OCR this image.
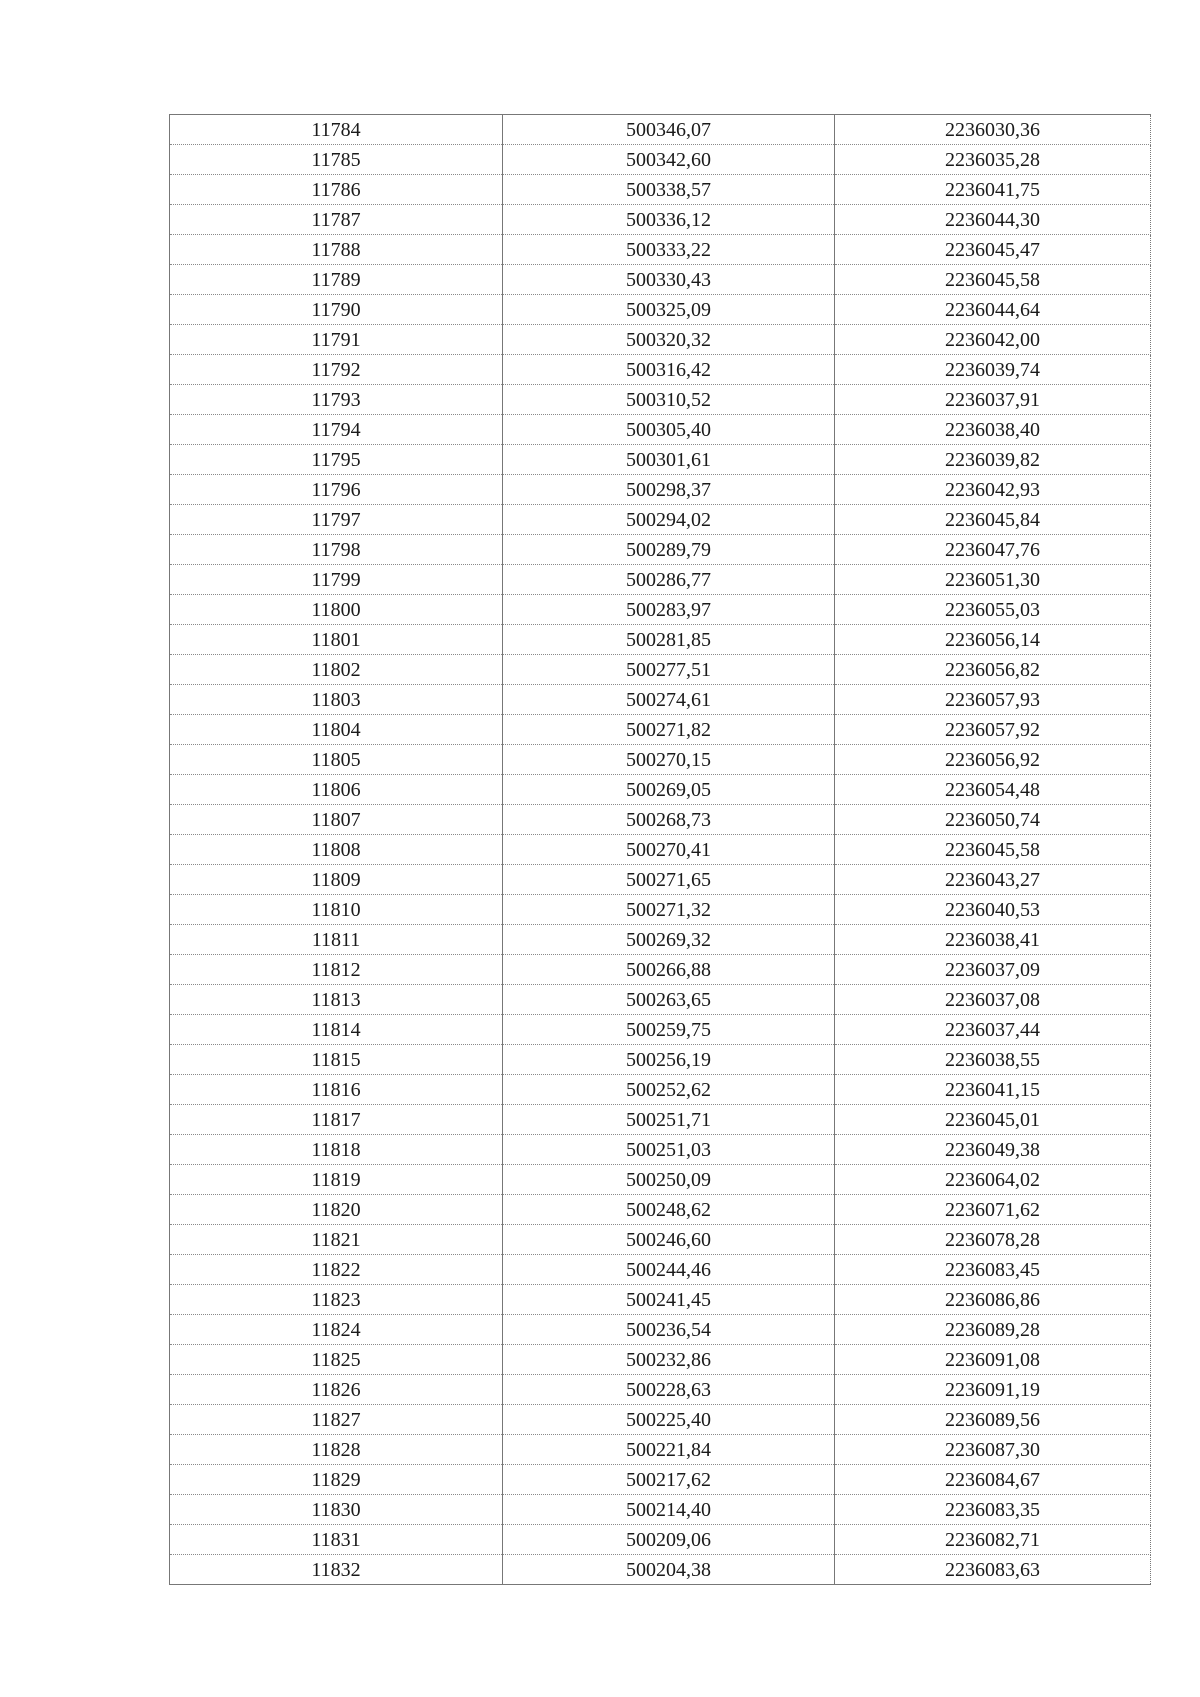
11784	500346,07	2236030,36
11785	500342,60	2236035,28
11786	500338,57	2236041,75
11787	500336,12	2236044,30
11788	500333,22	2236045,47
11789	500330,43	2236045,58
11790	500325,09	2236044,64
11791	500320,32	2236042,00
11792	500316,42	2236039,74
11793	500310,52	2236037,91
11794	500305,40	2236038,40
11795	500301,61	2236039,82
11796	500298,37	2236042,93
11797	500294,02	2236045,84
11798	500289,79	2236047,76
11799	500286,77	2236051,30
11800	500283,97	2236055,03
11801	500281,85	2236056,14
11802	500277,51	2236056,82
11803	500274,61	2236057,93
11804	500271,82	2236057,92
11805	500270,15	2236056,92
11806	500269,05	2236054,48
11807	500268,73	2236050,74
11808	500270,41	2236045,58
11809	500271,65	2236043,27
11810	500271,32	2236040,53
11811	500269,32	2236038,41
11812	500266,88	2236037,09
11813	500263,65	2236037,08
11814	500259,75	2236037,44
11815	500256,19	2236038,55
11816	500252,62	2236041,15
11817	500251,71	2236045,01
11818	500251,03	2236049,38
11819	500250,09	2236064,02
11820	500248,62	2236071,62
11821	500246,60	2236078,28
11822	500244,46	2236083,45
11823	500241,45	2236086,86
11824	500236,54	2236089,28
11825	500232,86	2236091,08
11826	500228,63	2236091,19
11827	500225,40	2236089,56
11828	500221,84	2236087,30
11829	500217,62	2236084,67
11830	500214,40	2236083,35
11831	500209,06	2236082,71
11832	500204,38	2236083,63
